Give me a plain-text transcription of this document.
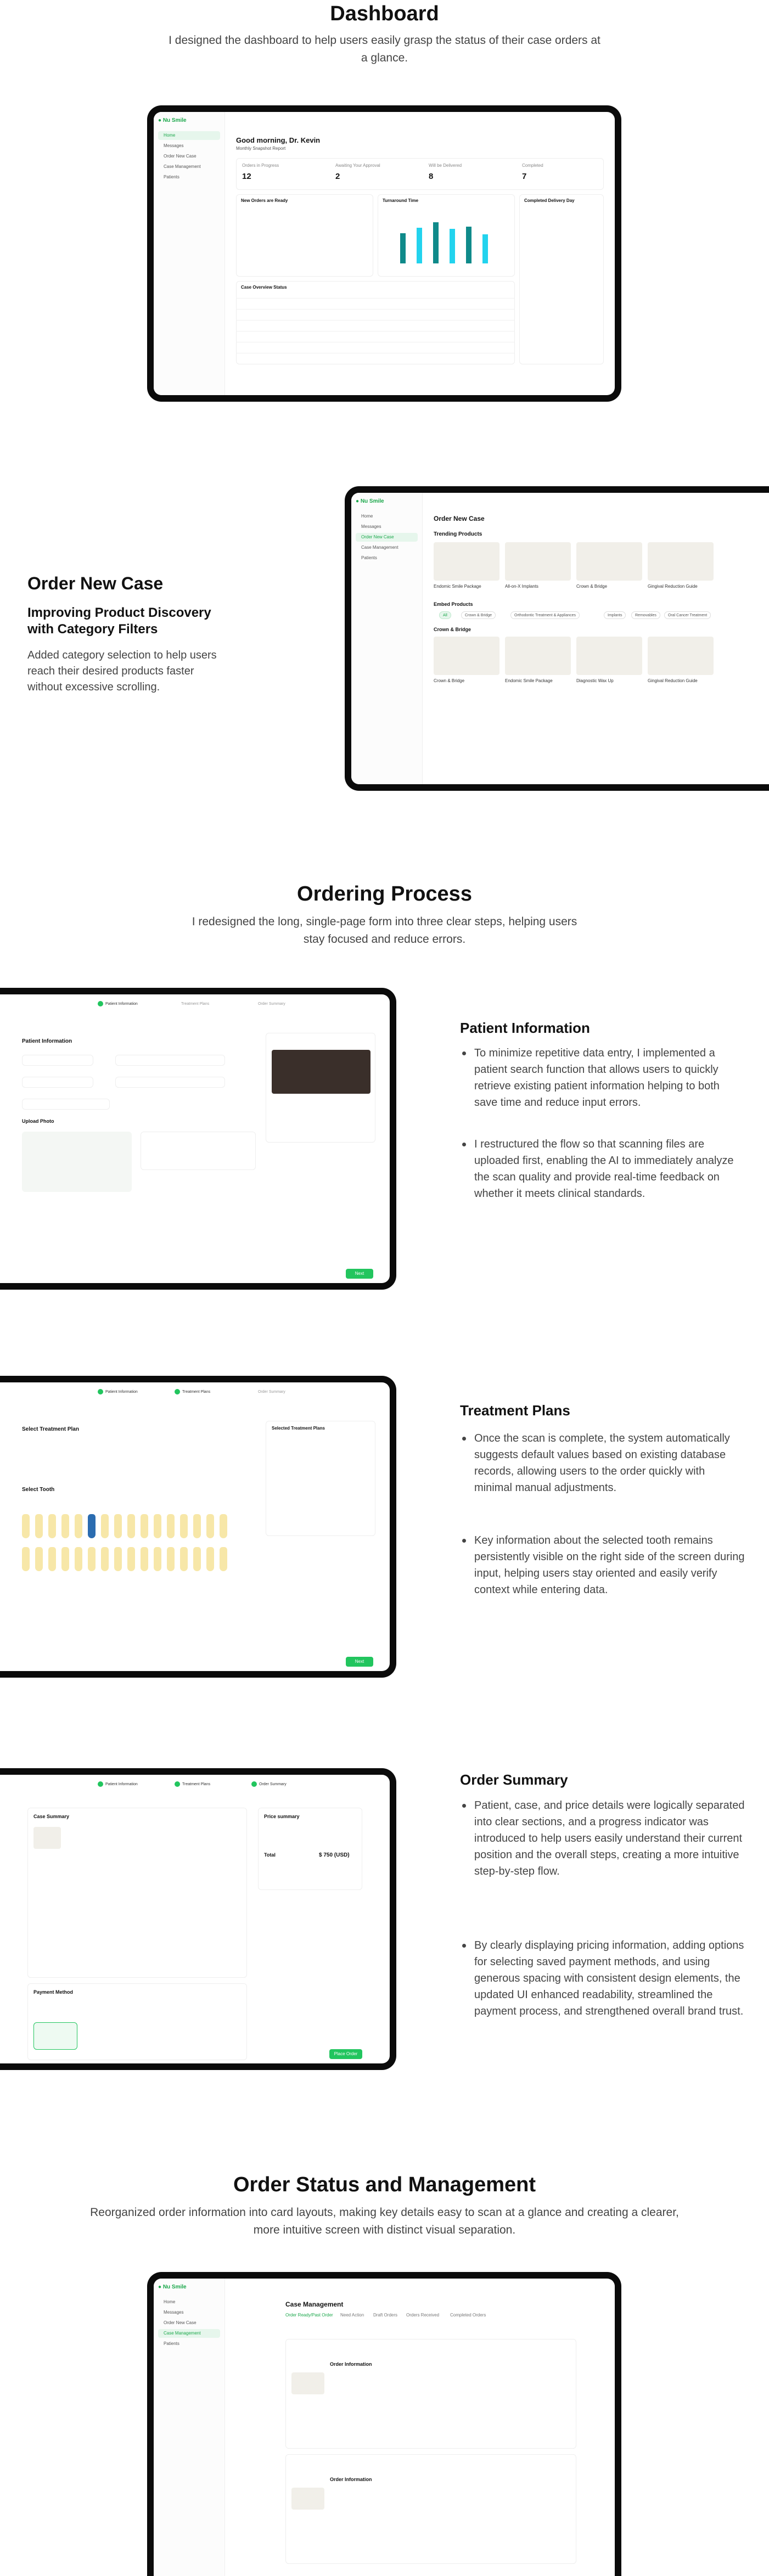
Dashboard
I designed the dashboard to help users easily grasp the status of their case orders at a glance.
● Nu Smile
Home
Messages
Order New Case
Case Management
Patients
Good morning, Dr. Kevin
Monthly Snapshot Report
Orders in Progress
12
Awaiting Your Approval
2
Will be Delivered
8
Completed
7
New Orders are Ready	Turnaround Time	Completed Delivery Day
Case Overview Status
Order New Case
Improving Product Discovery with Category Filters
Added category selection to help users reach their desired products faster without excessive scrolling.
● Nu Smile
Home
Messages
Order New Case
Case Management
Patients
Order New Case
Trending Products
Endomic Smile Package	All-on-X Implants	Crown & Bridge	Gingival Reduction Guide
Embed Products
All	Crown & Bridge	Orthodontic Treatment & Appliances	Implants	Removables	Oral Cancer Treatment
Crown & Bridge
Crown & Bridge	Endomic Smile Package	Diagnostic Wax Up	Gingival Reduction Guide
Ordering Process
I redesigned the long, single-page form into three clear steps, helping users stay focused and reduce errors.
Patient Information	Treatment Plans	Order Summary
Patient Information
Upload Photo
Next
Patient Information
To minimize repetitive data entry, I implemented a patient search function that allows users to quickly retrieve existing patient information helping to both save time and reduce input errors.
I restructured the flow so that scanning files are uploaded first, enabling the AI to immediately analyze the scan quality and provide real-time feedback on whether it meets clinical standards.
Patient Information	Treatment Plans	Order Summary
Select Treatment Plan
Select Tooth
Selected Treatment Plans
Next
Treatment Plans
Once the scan is complete, the system automatically suggests default values based on existing database records, allowing users to the order quickly with minimal manual adjustments.
Key information about the selected tooth remains persistently visible on the right side of the screen during input, helping users stay oriented and easily verify context while entering data.
Patient Information	Treatment Plans	Order Summary
Case Summary	Price summary
Total	$ 750 (USD)
Payment Method
Place Order
Order Summary
Patient, case, and price details were logically separated into clear sections, and a progress indicator was introduced to help users easily understand their current position and the overall steps, creating a more intuitive step-by-step flow.
By clearly displaying pricing information, adding options for selecting saved payment methods, and using generous spacing with consistent design elements, the updated UI enhanced readability, streamlined the payment process, and strengthened overall brand trust.
Order Status and Management
Reorganized order information into card layouts, making key details easy to scan at a glance and creating a clearer, more intuitive screen with distinct visual separation.
● Nu Smile
Home
Messages
Order New Case
Case Management
Patients
Case Management
Order Ready/Past Order Need Action Draft Orders Orders Received Completed Orders
Order Information
Order Information
